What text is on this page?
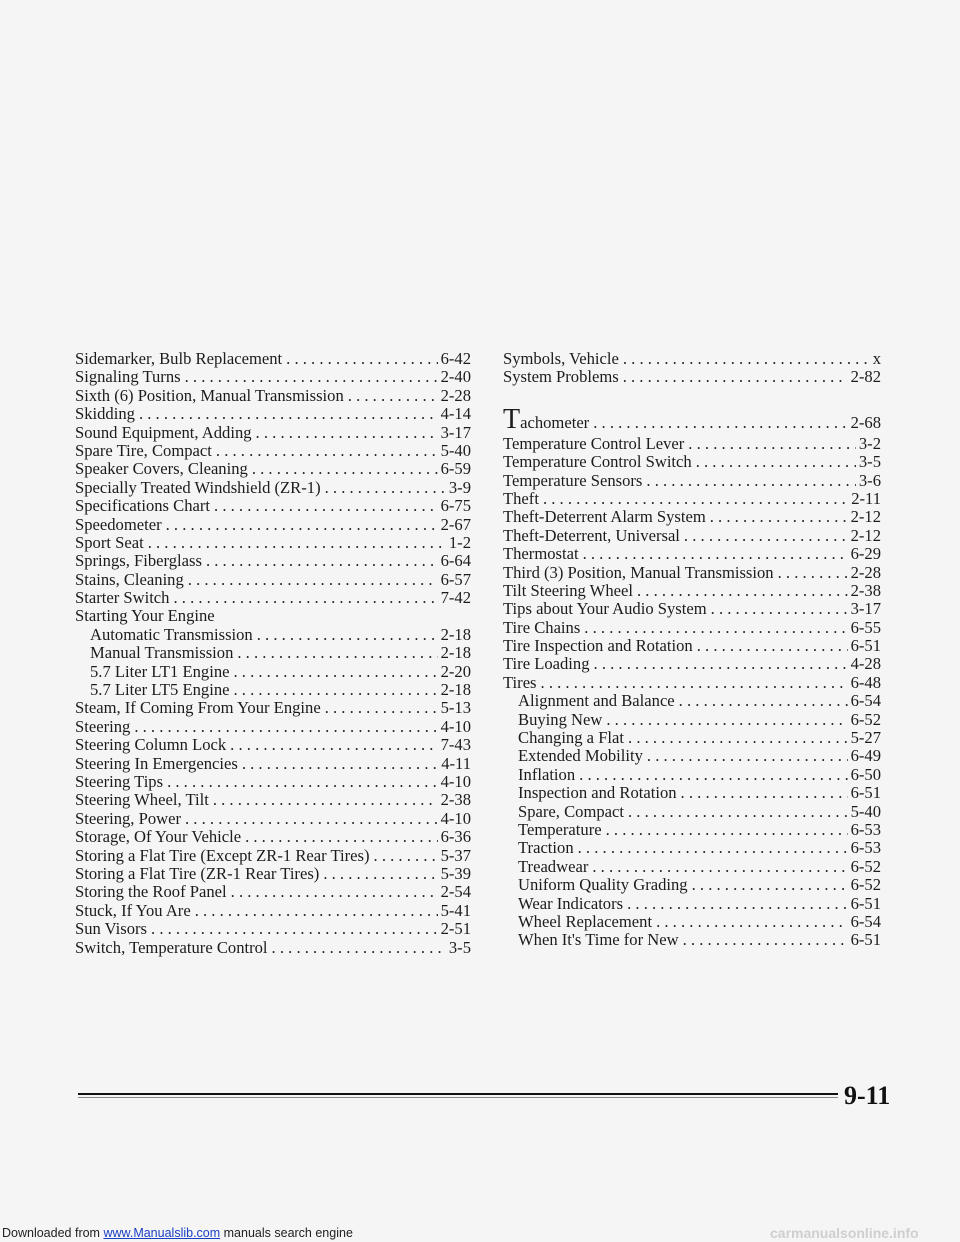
Sidemarker, Bulb Replacement . . .	6-42
Signaling Turns . . .	2-40
Sixth (6) Position, Manual Transmission . . .	2-28
Skidding . . .	4-14
Sound Equipment, Adding . . .	3-17
Spare Tire, Compact . . .	5-40
Speaker Covers, Cleaning . . .	6-59
Specially Treated Windshield (ZR-1) . . .	3-9
Specifications Chart . . .	6-75
Speedometer . . .	2-67
Sport Seat . . .	1-2
Springs, Fiberglass . . .	6-64
Stains, Cleaning . . .	6-57
Starter Switch . . .	7-42
Starting Your Engine
Automatic Transmission . . .	2-18
Manual Transmission . . .	2-18
5.7 Liter LT1 Engine . . .	2-20
5.7 Liter LT5 Engine . . .	2-18
Steam, If Coming From Your Engine . . .	5-13
Steering . . .	4-10
Steering Column Lock . . .	7-43
Steering In Emergencies . . .	4-11
Steering Tips . . .	4-10
Steering Wheel, Tilt . . .	2-38
Steering, Power . . .	4-10
Storage, Of Your Vehicle . . .	6-36
Storing a Flat Tire (Except ZR-1 Rear Tires) . . .	5-37
Storing a Flat Tire (ZR-1 Rear Tires) . . .	5-39
Storing the Roof Panel . . .	2-54
Stuck, If You Are . . .	5-41
Sun Visors . . .	2-51
Switch, Temperature Control . . .	3-5
Symbols, Vehicle . . .	x
System Problems . . .	2-82
Tachometer . . .	2-68
Temperature Control Lever . . .	3-2
Temperature Control Switch . . .	3-5
Temperature Sensors . . .	3-6
Theft . . .	2-11
Theft-Deterrent Alarm System . . .	2-12
Theft-Deterrent, Universal . . .	2-12
Thermostat . . .	6-29
Third (3) Position, Manual Transmission . . .	2-28
Tilt Steering Wheel . . .	2-38
Tips about Your Audio System . . .	3-17
Tire Chains . . .	6-55
Tire Inspection and Rotation . . .	6-51
Tire Loading . . .	4-28
Tires . . .	6-48
Alignment and Balance . . .	6-54
Buying New . . .	6-52
Changing a Flat . . .	5-27
Extended Mobility . . .	6-49
Inflation . . .	6-50
Inspection and Rotation . . .	6-51
Spare, Compact . . .	5-40
Temperature . . .	6-53
Traction . . .	6-53
Treadwear . . .	6-52
Uniform Quality Grading . . .	6-52
Wear Indicators . . .	6-51
Wheel Replacement . . .	6-54
When It's Time for New . . .	6-51
9-11
Downloaded from www.Manualslib.com manuals search engine	carmanualsonline.info
